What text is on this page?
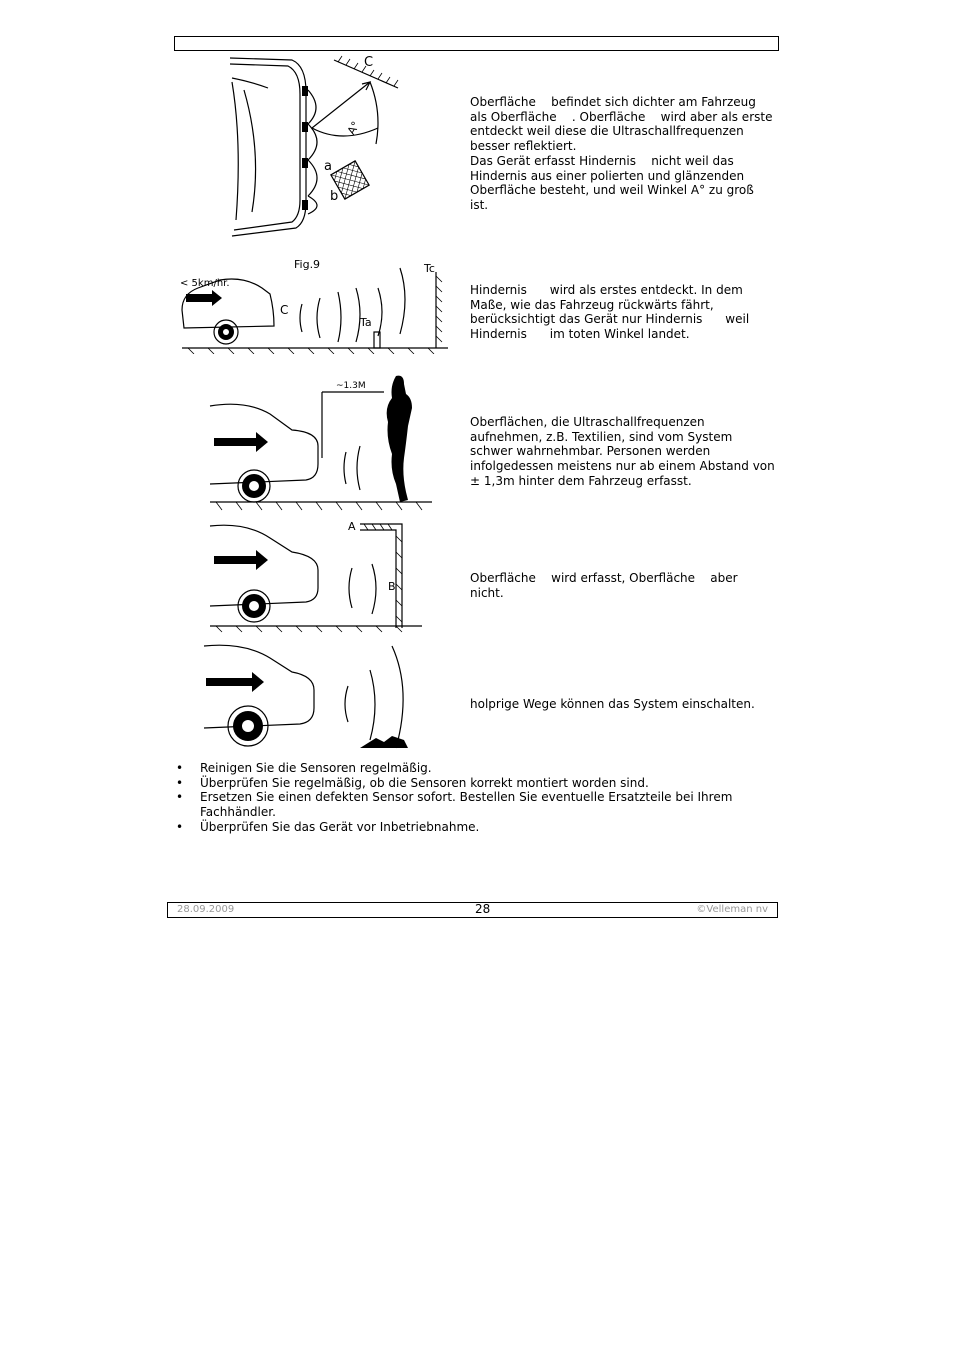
C
A°
a
b
Fig.9
< 5km/hr.
C
Ta
Tc
~1.3M
A
B
Oberfläche    befindet sich dichter am Fahrzeug
als Oberfläche    . Oberfläche    wird aber als erste
entdeckt weil diese die Ultraschallfrequenzen
besser reflektiert.
Das Gerät erfasst Hindernis    nicht weil das
Hindernis aus einer polierten und glänzenden
Oberfläche besteht, und weil Winkel A° zu groß
ist.
Hindernis      wird als erstes entdeckt. In dem
Maße, wie das Fahrzeug rückwärts fährt,
berücksichtigt das Gerät nur Hindernis      weil
Hindernis      im toten Winkel landet.
Oberflächen, die Ultraschallfrequenzen
aufnehmen, z.B. Textilien, sind vom System
schwer wahrnehmbar. Personen werden
infolgedessen meistens nur ab einem Abstand von
± 1,3m hinter dem Fahrzeug erfasst.
Oberfläche    wird erfasst, Oberfläche    aber
nicht.
holprige Wege können das System einschalten.
• Reinigen Sie die Sensoren regelmäßig.
• Überprüfen Sie regelmäßig, ob die Sensoren korrekt montiert worden sind.
• Ersetzen Sie einen defekten Sensor sofort. Bestellen Sie eventuelle Ersatzteile bei Ihrem Fachhändler.
• Überprüfen Sie das Gerät vor Inbetriebnahme.
28.09.2009	28	©Velleman nv
